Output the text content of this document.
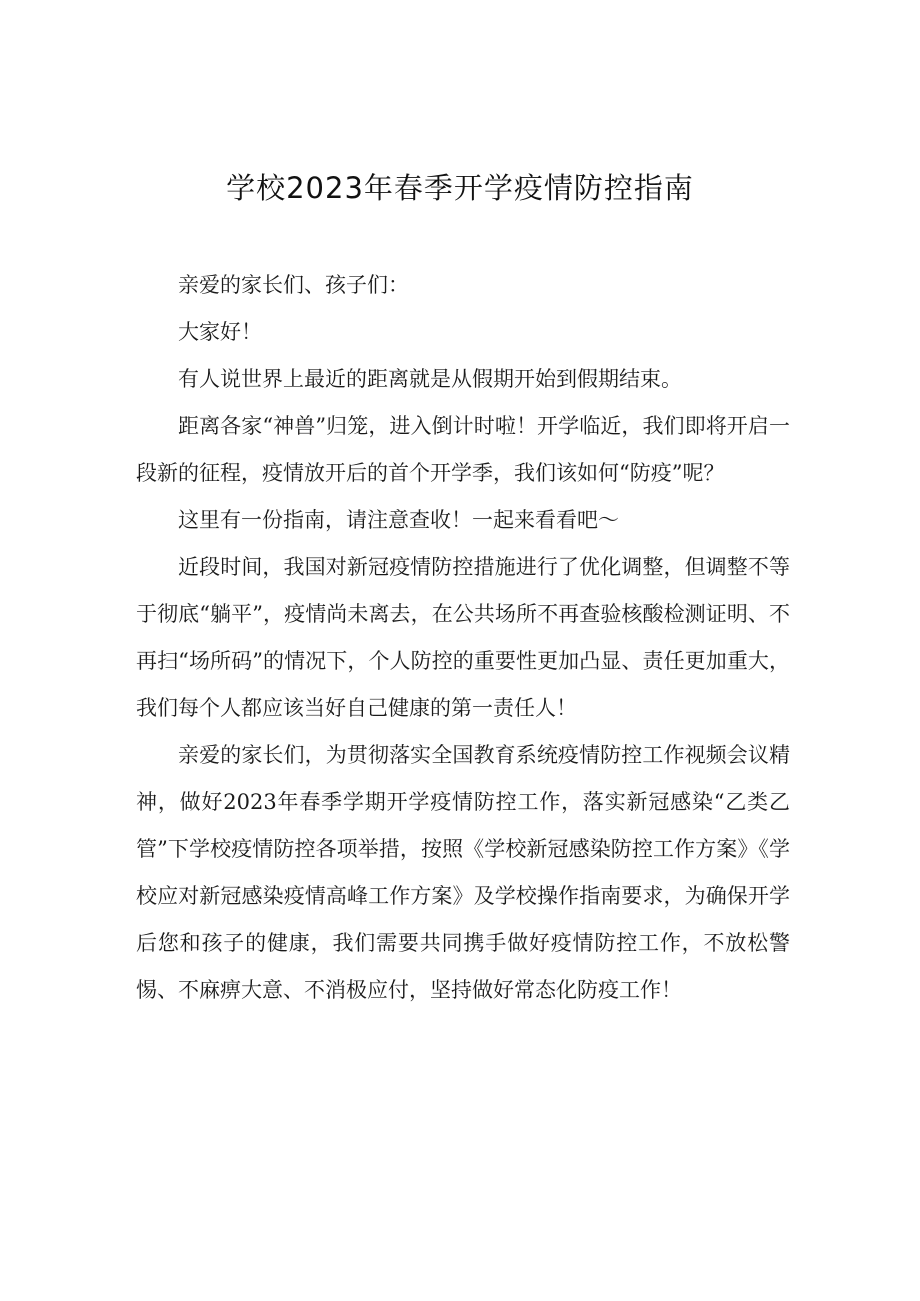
学校2023年春季开学疫情防控指南

亲爱的家长们、孩子们：

大家好！

有人说世界上最近的距离就是从假期开始到假期结束。

距离各家“神兽”归笼，进入倒计时啦！开学临近，我们即将开启一段新的征程，疫情放开后的首个开学季，我们该如何“防疫”呢？

这里有一份指南，请注意查收！一起来看看吧～

近段时间，我国对新冠疫情防控措施进行了优化调整，但调整不等于彻底“躺平”，疫情尚未离去，在公共场所不再查验核酸检测证明、不再扫“场所码”的情况下，个人防控的重要性更加凸显、责任更加重大，我们每个人都应该当好自己健康的第一责任人！

亲爱的家长们，为贯彻落实全国教育系统疫情防控工作视频会议精神，做好2023年春季学期开学疫情防控工作，落实新冠感染“乙类乙管”下学校疫情防控各项举措，按照《学校新冠感染防控工作方案》《学校应对新冠感染疫情高峰工作方案》及学校操作指南要求，为确保开学后您和孩子的健康，我们需要共同携手做好疫情防控工作，不放松警惕、不麻痹大意、不消极应付，坚持做好常态化防疫工作！
